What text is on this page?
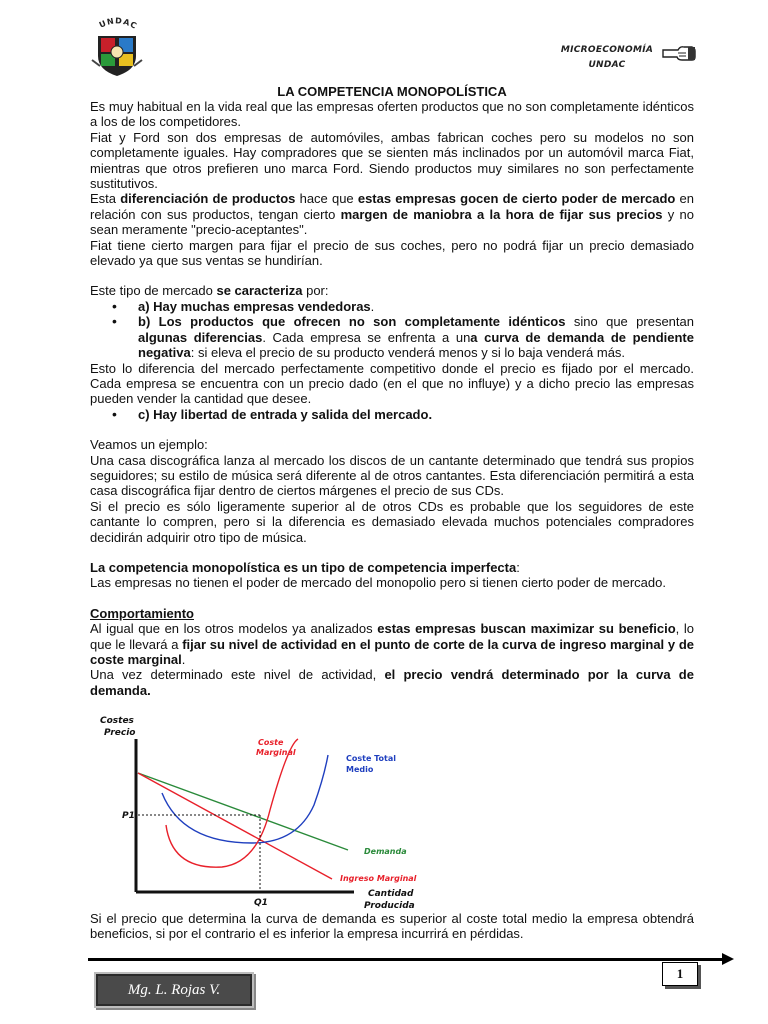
UNDAC
MICROECONOMÍA
UNDAC
LA COMPETENCIA MONOPOLÍSTICA

Es muy habitual en la vida real que las empresas oferten productos que no son completamente idénticos a los de los competidores.

Fiat y Ford son dos empresas de automóviles, ambas fabrican coches pero su modelos no son completamente iguales. Hay compradores que se sienten más inclinados por un automóvil marca Fiat, mientras que otros prefieren uno marca Ford. Siendo productos muy similares no son perfectamente sustitutivos.

Esta diferenciación de productos hace que estas empresas gocen de cierto poder de mercado en relación con sus productos, tengan cierto margen de maniobra a la hora de fijar sus precios y no sean meramente "precio-aceptantes".

Fiat tiene cierto margen para fijar el precio de sus coches, pero no podrá fijar un precio demasiado elevado ya que sus ventas se hundirían.

Este tipo de mercado se caracteriza por:

• a) Hay muchas empresas vendedoras.
• b) Los productos que ofrecen no son completamente idénticos sino que presentan algunas diferencias. Cada empresa se enfrenta a una curva de demanda de pendiente negativa: si eleva el precio de su producto venderá menos y si lo baja venderá más.

Esto lo diferencia del mercado perfectamente competitivo donde el precio es fijado por el mercado. Cada empresa se encuentra con un precio dado (en el que no influye) y a dicho precio las empresas pueden vender la cantidad que desee.

• c) Hay libertad de entrada y salida del mercado.

Veamos un ejemplo:

Una casa discográfica lanza al mercado los discos de un cantante determinado que tendrá sus propios seguidores; su estilo de música será diferente al de otros cantantes. Esta diferenciación permitirá a esta casa discográfica fijar dentro de ciertos márgenes el precio de sus CDs.

Si el precio es sólo ligeramente superior al de otros CDs es probable que los seguidores de este cantante lo compren, pero si la diferencia es demasiado elevada muchos potenciales compradores decidirán adquirir otro tipo de música.

La competencia monopolística es un tipo de competencia imperfecta:

Las empresas no tienen el poder de mercado del monopolio pero si tienen cierto poder de mercado.

Comportamiento

Al igual que en los otros modelos ya analizados estas empresas buscan maximizar su beneficio, lo que le llevará a fijar su nivel de actividad en el punto de corte de la curva de ingreso marginal y de coste marginal.

Una vez determinado este nivel de actividad, el precio vendrá determinado por la curva de demanda.

Costes
Precio
P1
Q1
Coste
Marginal
Coste Total
Medio
Demanda
Ingreso Marginal
Cantidad
Producida

Si el precio que determina la curva de demanda es superior al coste total medio la empresa obtendrá beneficios, si por el contrario el es inferior la empresa incurrirá en pérdidas.

1
Mg. L. Rojas V.
